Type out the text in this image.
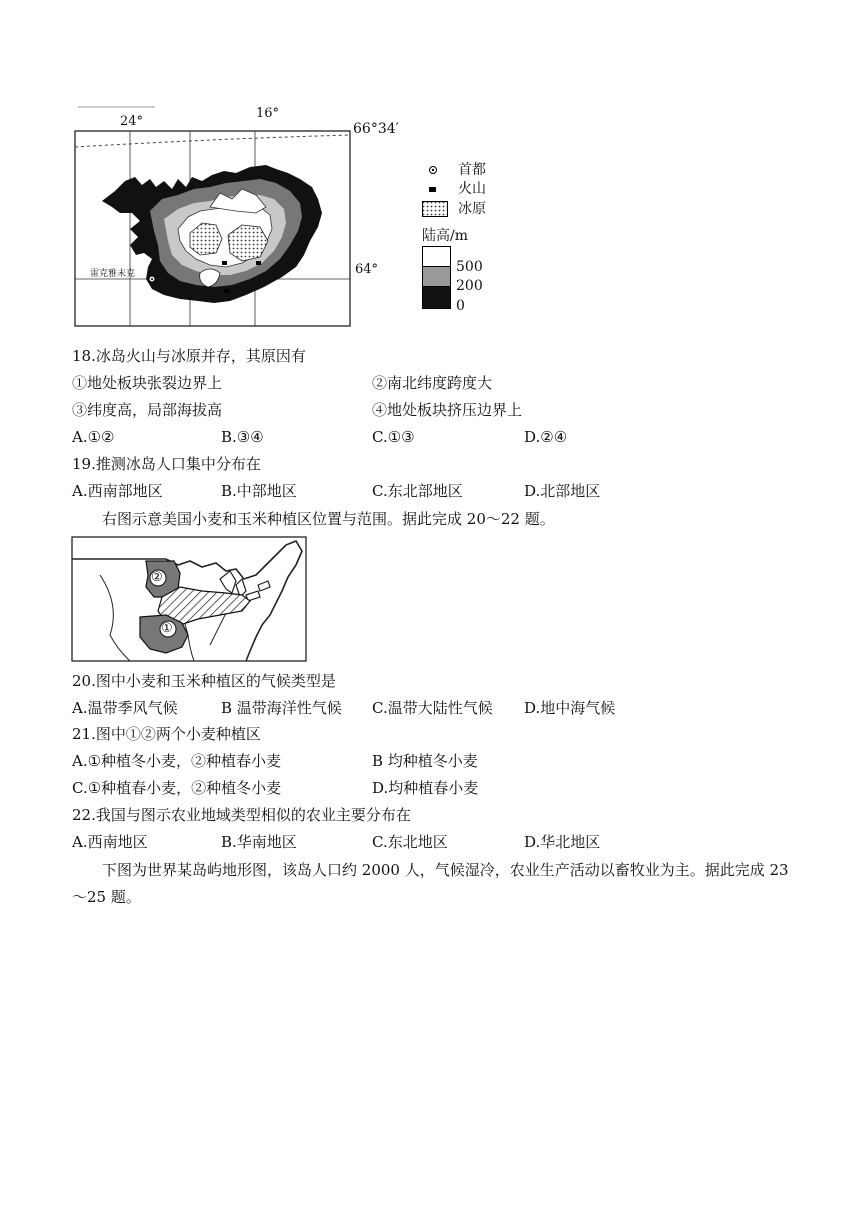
24°
16°
66°34′
64°
雷克雅未克
首都
火山
冰原
陆高/m
500
200
0
18.冰岛火山与冰原并存，其原因有
①地处板块张裂边界上	②南北纬度跨度大
③纬度高，局部海拔高	④地处板块挤压边界上
A.①②	B.③④	C.①③	D.②④
19.推测冰岛人口集中分布在
A.西南部地区	B.中部地区	C.东北部地区	D.北部地区
右图示意美国小麦和玉米种植区位置与范围。据此完成 20～22 题。
②
①
20.图中小麦和玉米种植区的气候类型是
A.温带季风气候	B 温带海洋性气候 C.温带大陆性气候 D.地中海气候
21.图中①②两个小麦种植区
A.①种植冬小麦，②种植春小麦	B 均种植冬小麦
C.①种植春小麦，②种植冬小麦	D.均种植春小麦
22.我国与图示农业地域类型相似的农业主要分布在
A.西南地区	B.华南地区	C.东北地区	D.华北地区
下图为世界某岛屿地形图，该岛人口约 2000 人，气候湿冷，农业生产活动以畜牧业为主。据此完成 23～25 题。
